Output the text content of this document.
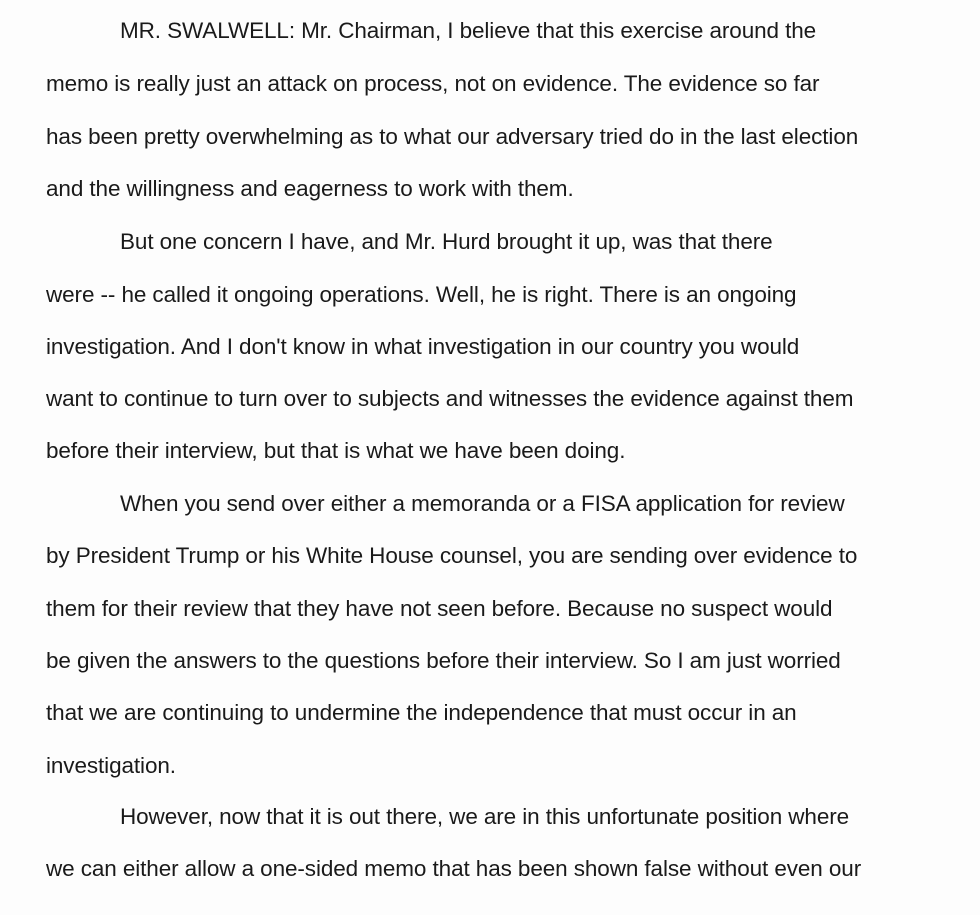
MR. SWALWELL: Mr. Chairman, I believe that this exercise around the
memo is really just an attack on process, not on evidence. The evidence so far
has been pretty overwhelming as to what our adversary tried do in the last election
and the willingness and eagerness to work with them.
But one concern I have, and Mr. Hurd brought it up, was that there
were -- he called it ongoing operations. Well, he is right. There is an ongoing
investigation. And I don't know in what investigation in our country you would
want to continue to turn over to subjects and witnesses the evidence against them
before their interview, but that is what we have been doing.
When you send over either a memoranda or a FISA application for review
by President Trump or his White House counsel, you are sending over evidence to
them for their review that they have not seen before. Because no suspect would
be given the answers to the questions before their interview. So I am just worried
that we are continuing to undermine the independence that must occur in an
investigation.
However, now that it is out there, we are in this unfortunate position where
we can either allow a one-sided memo that has been shown false without even our
